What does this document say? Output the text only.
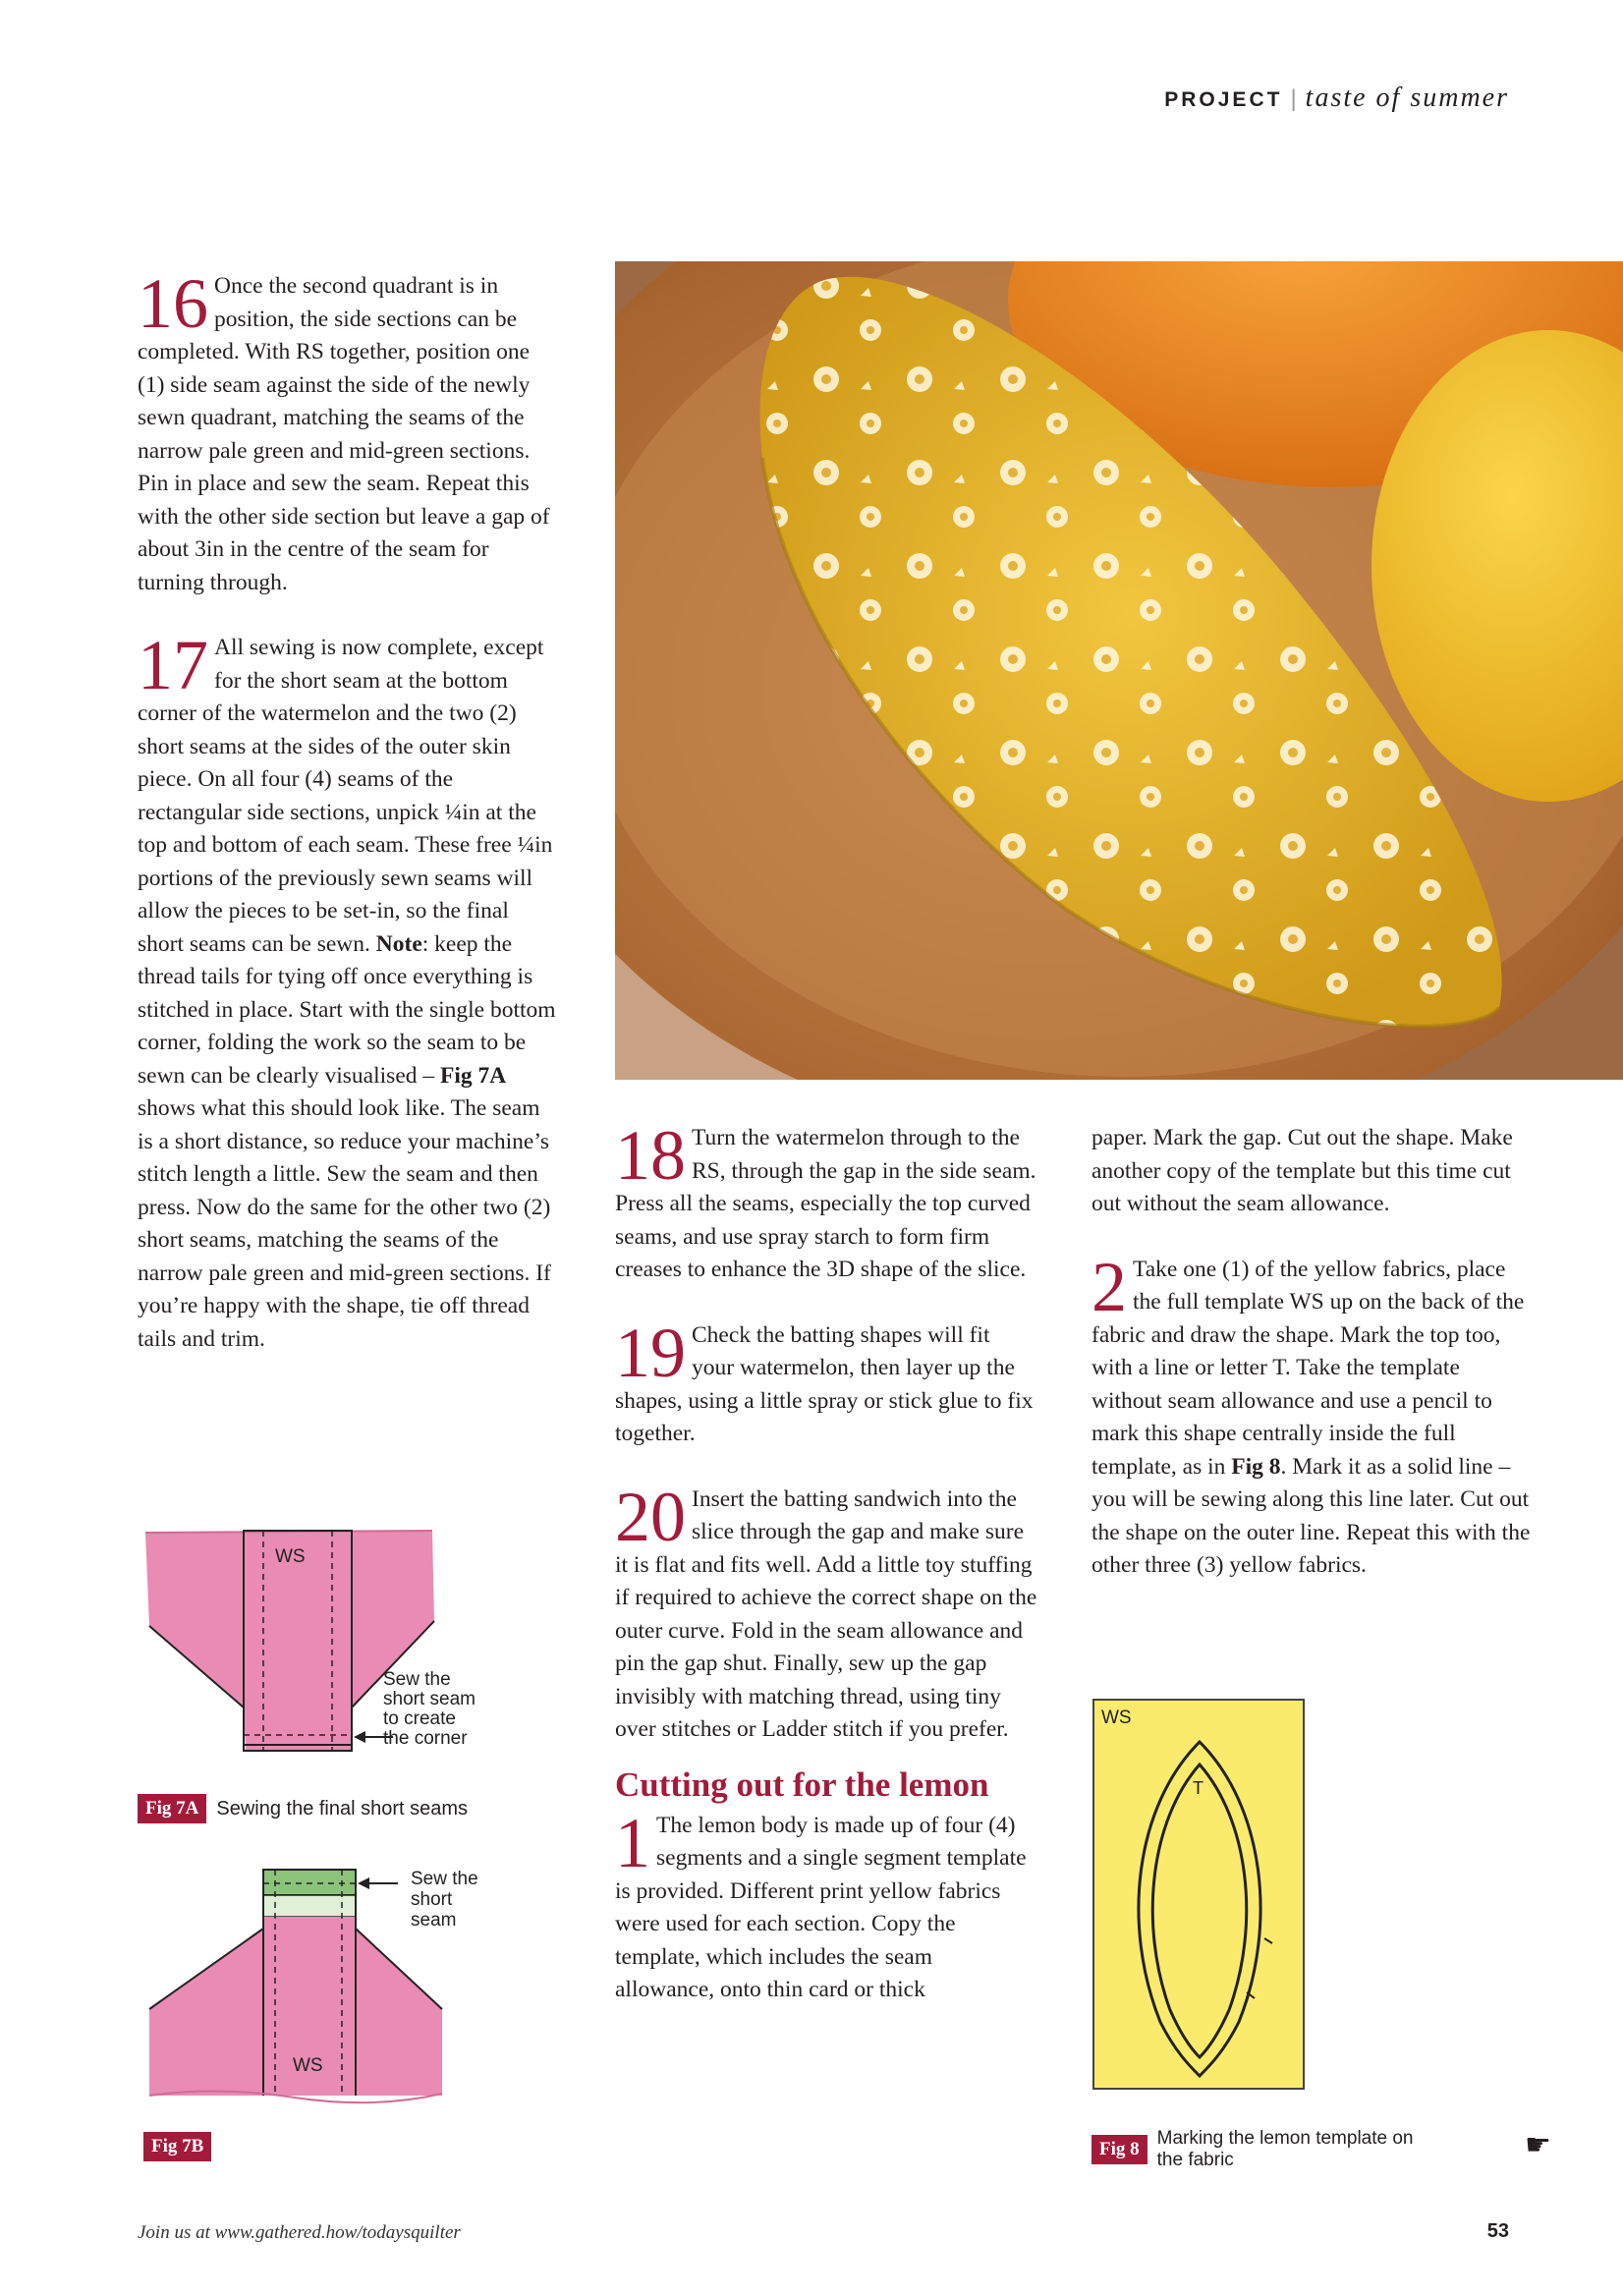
PROJECT | taste of summer

16 Once the second quadrant is in position, the side sections can be completed. With RS together, position one (1) side seam against the side of the newly sewn quadrant, matching the seams of the narrow pale green and mid-green sections. Pin in place and sew the seam. Repeat this with the other side section but leave a gap of about 3in in the centre of the seam for turning through.

17 All sewing is now complete, except for the short seam at the bottom corner of the watermelon and the two (2) short seams at the sides of the outer skin piece. On all four (4) seams of the rectangular side sections, unpick ¼in at the top and bottom of each seam. These free ¼in portions of the previously sewn seams will allow the pieces to be set-in, so the final short seams can be sewn. Note: keep the thread tails for tying off once everything is stitched in place. Start with the single bottom corner, folding the work so the seam to be sewn can be clearly visualised – Fig 7A shows what this should look like. The seam is a short distance, so reduce your machine’s stitch length a little. Sew the seam and then press. Now do the same for the other two (2) short seams, matching the seams of the narrow pale green and mid-green sections. If you’re happy with the shape, tie off thread tails and trim.

WS
Sew the
short seam
to create
the corner
Fig 7A Sewing the final short seams
WS
Sew the
short
seam
Fig 7B

18 Turn the watermelon through to the RS, through the gap in the side seam. Press all the seams, especially the top curved seams, and use spray starch to form firm creases to enhance the 3D shape of the slice.

19 Check the batting shapes will fit your watermelon, then layer up the shapes, using a little spray or stick glue to fix together.

20 Insert the batting sandwich into the slice through the gap and make sure it is flat and fits well. Add a little toy stuffing if required to achieve the correct shape on the outer curve. Fold in the seam allowance and pin the gap shut. Finally, sew up the gap invisibly with matching thread, using tiny over stitches or Ladder stitch if you prefer.

Cutting out for the lemon

1 The lemon body is made up of four (4) segments and a single segment template is provided. Different print yellow fabrics were used for each section. Copy the template, which includes the seam allowance, onto thin card or thick

paper. Mark the gap. Cut out the shape. Make another copy of the template but this time cut out without the seam allowance.

2 Take one (1) of the yellow fabrics, place the full template WS up on the back of the fabric and draw the shape. Mark the top too, with a line or letter T. Take the template without seam allowance and use a pencil to mark this shape centrally inside the full template, as in Fig 8. Mark it as a solid line – you will be sewing along this line later. Cut out the shape on the outer line. Repeat this with the other three (3) yellow fabrics.

WS
T
Fig 8
Marking the lemon template on
the fabric	☛
Join us at www.gathered.how/todaysquilter	53
